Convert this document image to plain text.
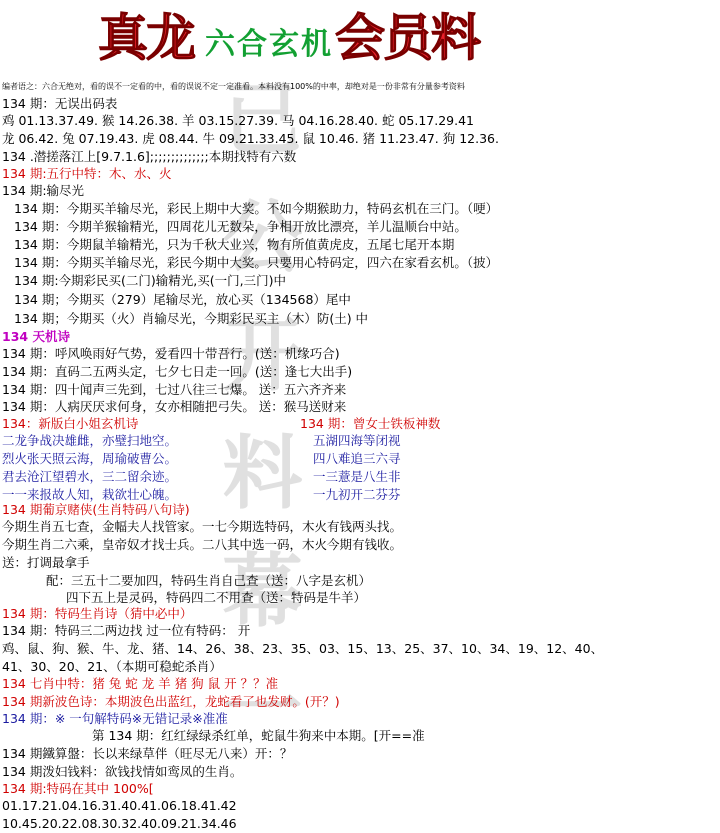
真龙 六合玄机 会员料
已公开料幕一
编者语之：六合无绝对，看的误不一定看的中，看的误说不定一定准看。本料没有100%的中率，却绝对是一份非常有分量参考资料
134 期：无误出码表
鸡 01.13.37.49. 猴 14.26.38. 羊 03.15.27.39. 马 04.16.28.40. 蛇 05.17.29.41
龙 06.42. 兔 07.19.43. 虎 08.44. 牛 09.21.33.45. 鼠 10.46. 猪 11.23.47. 狗 12.36.
134 .潜搓落江上[9.7.1.6];;;;;;;;;;;;;;本期找特有六数
134 期:五行中特：木、水、火
134 期:输尽光
134 期：今期买羊输尽光，彩民上期中大奖。不如今期猴助力，特码玄机在三门。（哽）
134 期：今期羊猴输精光，四周花儿无数朵，争相开放比漂亮，羊儿温顺台中站。
134 期：今期鼠羊输精光，只为千秋大业兴，物有所值黄虎皮，五尾七尾开本期
134 期：今期买羊输尽光，彩民今期中大奖。只要用心特码定，四六在家看玄机。（披）
134 期:今期彩民买(二门)输精光,买(一门,三门)中
134 期；今期买（279）尾输尽光，放心买（134568）尾中
134 期；今期买（火）肖输尽光，今期彩民买主（木）防(土) 中
134 天机诗
134 期：呼风唤雨好气势，爱看四十带吾行。(送：机缘巧合)
134 期：直码二五两头定，七夕七日走一回。(送：逢七大出手)
134 期：四十闻声三先到，七过八往三七爆。 送：五六齐齐来
134 期：人病厌厌求何身，女亦相随把弓失。 送：猴马送财来
134：新版白小姐玄机诗	134 期：曾女士铁板神数
二龙争战决雄雌，亦璧扫地空。
烈火张天照云海，周瑜破曹公。
君去沧江望碧水，三二留余迹。
一一来报故人知，栽欲壮心魄。
五湖四海等闭视
四八难追三六寻
一三薏是八生非
一九初开二芬芬
134 期葡京赌侠(生肖特码八句诗)
今期生肖五七查，金幅夫人找管家。一七今期选特码，木火有钱两头找。
今期生肖二六乘，皇帝奴才找士兵。二八其中选一码，木火今期有钱收。
送：打调最拿手
配：三五十二要加四，特码生肖自己查（送：八字是玄机）
四下五上是灵码，特码四二不用查（送：特码是牛羊）
134 期：特码生肖诗（猜中必中）
134 期：特码三二两边找 过一位有特码： 开
鸡、鼠、狗、猴、牛、龙、猪、14、26、38、23、35、03、15、13、25、37、10、34、19、12、40、
41、30、20、21、（本期可稳蛇杀肖）
134 七肖中特：猪 兔 蛇 龙 羊 猪 狗 鼠 开 ？？准
134 期新波色诗：本期波色出蓝红，龙蛇看了也发财。(开？)
134 期：※ 一句解特码※无错记录※准准
第 134 期：红红绿绿杀红单，蛇鼠牛狗来中本期。[开==准
134 期鐵算盤：长以来绿草伴（旺尽无八来）开：？
134 期泼妇钱料：欲钱找情如鸾凤的生肖。
134 期:特码在其中 100%[
01.17.21.04.16.31.40.41.06.18.41.42
10.45.20.22.08.30.32.40.09.21.34.46
